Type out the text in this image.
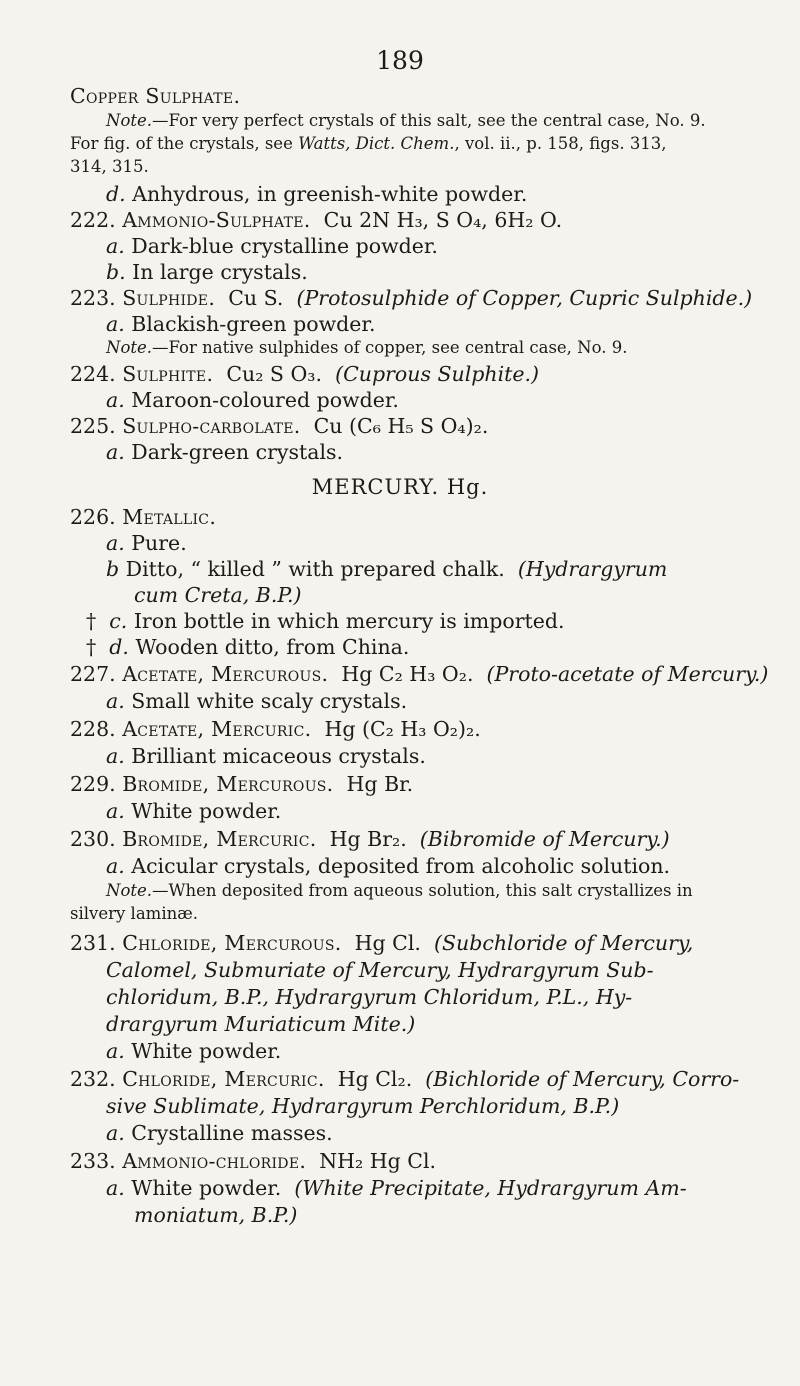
189
Copper Sulphate.
Note.—For very perfect crystals of this salt, see the central case, No. 9.
For fig. of the crystals, see Watts, Dict. Chem., vol. ii., p. 158, figs. 313,
314, 315.
d. Anhydrous, in greenish-white powder.
222. Ammonio-Sulphate. Cu 2N H₃, S O₄, 6H₂ O.
a. Dark-blue crystalline powder.
b. In large crystals.
223. Sulphide. Cu S. (Protosulphide of Copper, Cupric Sulphide.)
a. Blackish-green powder.
Note.—For native sulphides of copper, see central case, No. 9.
224. Sulphite. Cu₂ S O₃. (Cuprous Sulphite.)
a. Maroon-coloured powder.
225. Sulpho-carbolate. Cu (C₆ H₅ S O₄)₂.
a. Dark-green crystals.
MERCURY. Hg.
226. Metallic.
a. Pure.
b Ditto, “ killed ” with prepared chalk. (Hydrargyrum
cum Creta, B.P.)
† c. Iron bottle in which mercury is imported.
† d. Wooden ditto, from China.
227. Acetate, Mercurous. Hg C₂ H₃ O₂. (Proto-acetate of Mercury.)
a. Small white scaly crystals.
228. Acetate, Mercuric. Hg (C₂ H₃ O₂)₂.
a. Brilliant micaceous crystals.
229. Bromide, Mercurous. Hg Br.
a. White powder.
230. Bromide, Mercuric. Hg Br₂. (Bibromide of Mercury.)
a. Acicular crystals, deposited from alcoholic solution.
Note.—When deposited from aqueous solution, this salt crystallizes in
silvery laminæ.
231. Chloride, Mercurous. Hg Cl. (Subchloride of Mercury,
Calomel, Submuriate of Mercury, Hydrargyrum Sub-
chloridum, B.P., Hydrargyrum Chloridum, P.L., Hy-
drargyrum Muriaticum Mite.)
a. White powder.
232. Chloride, Mercuric. Hg Cl₂. (Bichloride of Mercury, Corro-
sive Sublimate, Hydrargyrum Perchloridum, B.P.)
a. Crystalline masses.
233. Ammonio-chloride. NH₂ Hg Cl.
a. White powder. (White Precipitate, Hydrargyrum Am-
moniatum, B.P.)
